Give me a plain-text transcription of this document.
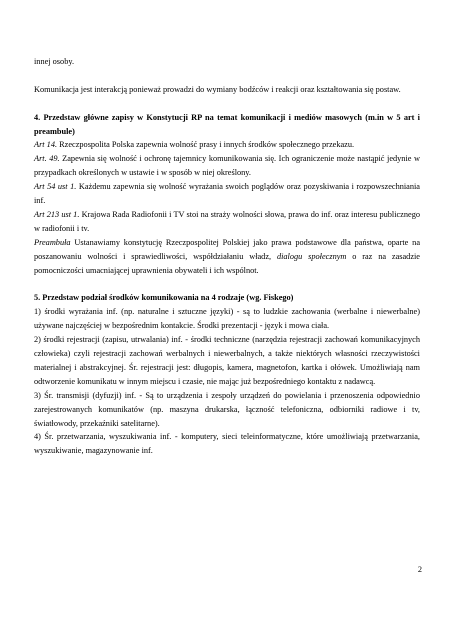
innej osoby.

Komunikacja jest interakcją ponieważ prowadzi do wymiany bodźców i reakcji oraz kształtowania się postaw.

4. Przedstaw główne zapisy w Konstytucji RP na temat komunikacji i mediów masowych (m.in w 5 art i preambule)

Art 14. Rzeczpospolita Polska zapewnia wolność prasy i innych środków społecznego przekazu.

Art. 49. Zapewnia się wolność i ochronę tajemnicy komunikowania się. Ich ograniczenie może nastąpić jedynie w przypadkach określonych w ustawie i w sposób w niej określony.

Art 54 ust 1. Każdemu zapewnia się wolność wyrażania swoich poglądów oraz pozyskiwania i rozpowszechniania inf.

Art 213 ust 1. Krajowa Rada Radiofonii i TV stoi na straży wolności słowa, prawa do inf. oraz interesu publicznego w radiofonii i tv.

Preambuła Ustanawiamy konstytucję Rzeczpospolitej Polskiej jako prawa podstawowe dla państwa, oparte na poszanowaniu wolności i sprawiedliwości, współdziałaniu władz, dialogu społecznym o raz na zasadzie pomocniczości umacniającej uprawnienia obywateli i ich wspólnot.

5. Przedstaw podział środków komunikowania na 4 rodzaje (wg. Fiskego)

1) środki wyrażania inf. (np. naturalne i sztuczne języki) - są to ludzkie zachowania (werbalne i niewerbalne) używane najczęściej w bezpośrednim kontakcie. Środki prezentacji - język i mowa ciała.

2) środki rejestracji (zapisu, utrwalania) inf. - środki techniczne (narzędzia rejestracji zachowań komunikacyjnych człowieka) czyli rejestracji zachowań werbalnych i niewerbalnych, a także niektórych własności rzeczywistości materialnej i abstrakcyjnej. Śr. rejestracji jest: długopis, kamera, magnetofon, kartka i ołówek. Umożliwiają nam odtworzenie komunikatu w innym miejscu i czasie, nie mając już bezpośredniego kontaktu z nadawcą.

3) Śr. transmisji (dyfuzji) inf. - Są to urządzenia i zespoły urządzeń do powielania i przenoszenia odpowiednio zarejestrowanych komunikatów (np. maszyna drukarska, łączność telefoniczna, odbiorniki radiowe i tv, światłowody, przekaźniki satelitarne).

4) Śr. przetwarzania, wyszukiwania inf. - komputery, sieci teleinformatyczne, które umożliwiają przetwarzania, wyszukiwanie, magazynowanie inf.

2
